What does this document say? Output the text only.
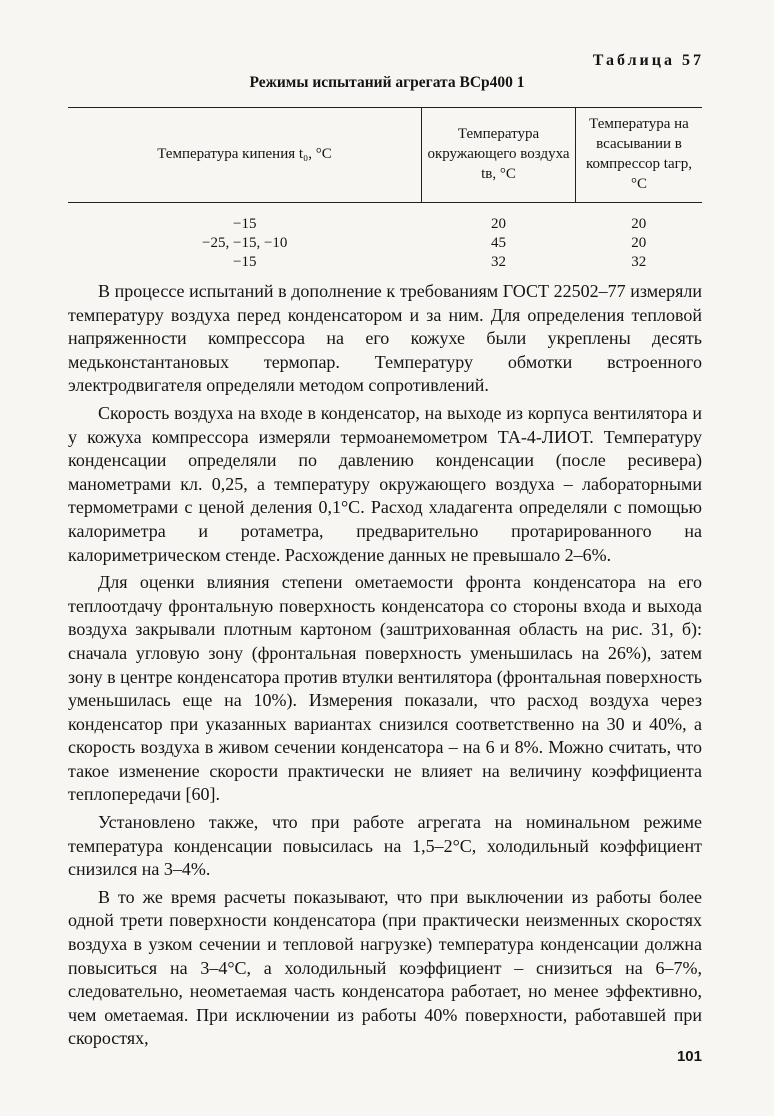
Таблица 57
Режимы испытаний агрегата ВСр400 1
Температура кипения t₀, °С	Температура окружающего воздуха tв, °С	Температура на всасывании в компрессор tагр, °С
−15	20	20
−25, −15, −10	45	20
−15	32	32

В процессе испытаний в дополнение к требованиям ГОСТ 22502–77 измеряли температуру воздуха перед конденсатором и за ним. Для определения тепловой напряженности компрессора на его кожухе были укреплены десять медьконстантановых термопар. Температуру обмотки встроенного электродвигателя определяли методом сопротивлений.

Скорость воздуха на входе в конденсатор, на выходе из корпуса вентилятора и у кожуха компрессора измеряли термоанемометром ТА-4-ЛИОТ. Температуру конденсации определяли по давлению конденсации (после ресивера) манометрами кл. 0,25, а температуру окружающего воздуха – лабораторными термометрами с ценой деления 0,1°С. Расход хладагента определяли с помощью калориметра и ротаметра, предварительно протарированного на калориметрическом стенде. Расхождение данных не превышало 2–6%.

Для оценки влияния степени ометаемости фронта конденсатора на его теплоотдачу фронтальную поверхность конденсатора со стороны входа и выхода воздуха закрывали плотным картоном (заштрихованная область на рис. 31, б): сначала угловую зону (фронтальная поверхность уменьшилась на 26%), затем зону в центре конденсатора против втулки вентилятора (фронтальная поверхность уменьшилась еще на 10%). Измерения показали, что расход воздуха через конденсатор при указанных вариантах снизился соответственно на 30 и 40%, а скорость воздуха в живом сечении конденсатора – на 6 и 8%. Можно считать, что такое изменение скорости практически не влияет на величину коэффициента теплопередачи [60].

Установлено также, что при работе агрегата на номинальном режиме температура конденсации повысилась на 1,5–2°С, холодильный коэффициент снизился на 3–4%.

В то же время расчеты показывают, что при выключении из работы более одной трети поверхности конденсатора (при практически неизменных скоростях воздуха в узком сечении и тепловой нагрузке) температура конденсации должна повыситься на 3–4°С, а холодильный коэффициент – снизиться на 6–7%, следовательно, неометаемая часть конденсатора работает, но менее эффективно, чем ометаемая. При исключении из работы 40% поверхности, работавшей при скоростях,

101
